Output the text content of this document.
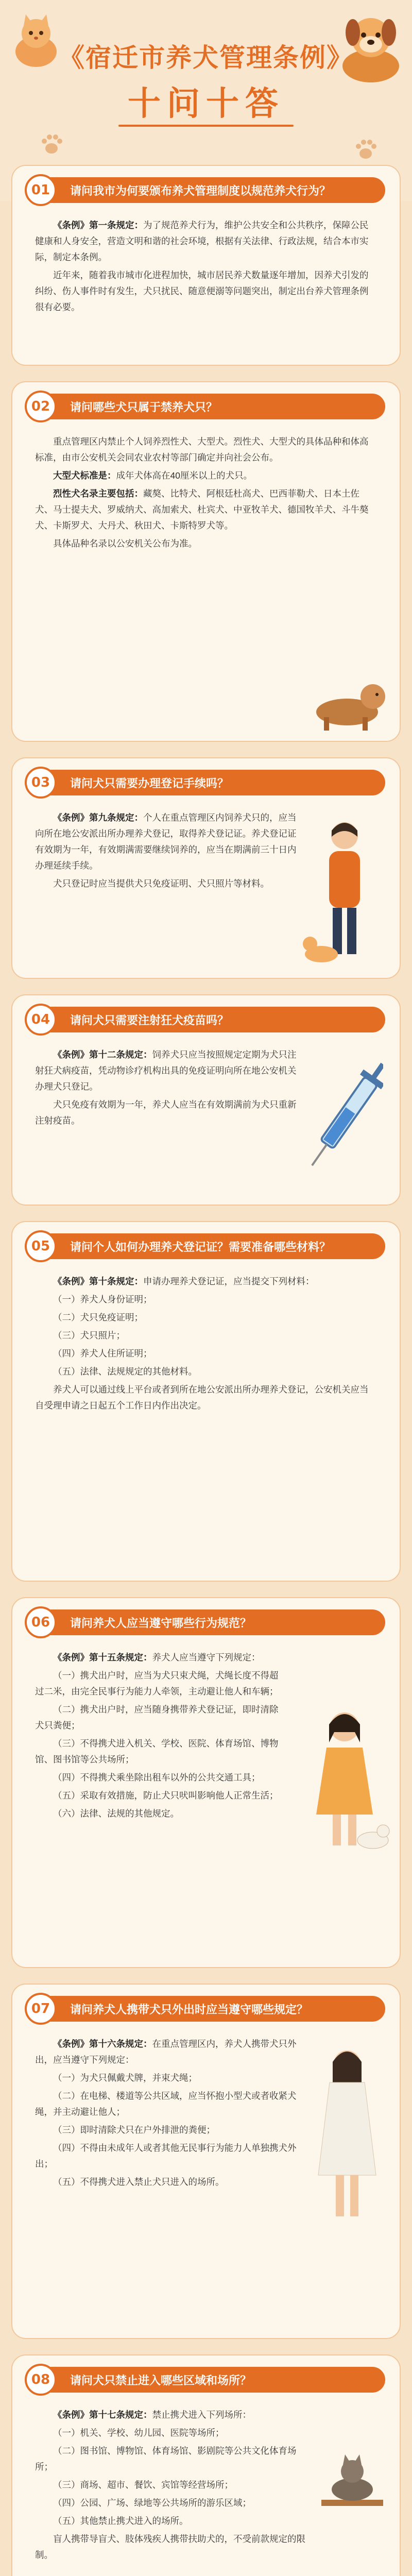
《宿迁市养犬管理条例》
十问十答
01	请问我市为何要颁布养犬管理制度以规范养犬行为？

《条例》第一条规定：为了规范养犬行为，维护公共安全和公共秩序，保障公民健康和人身安全，营造文明和谐的社会环境，根据有关法律、行政法规，结合本市实际，制定本条例。

近年来，随着我市城市化进程加快，城市居民养犬数量逐年增加，因养犬引发的纠纷、伤人事件时有发生，犬只扰民、随意便溺等问题突出，制定出台养犬管理条例很有必要。

02	请问哪些犬只属于禁养犬只？

重点管理区内禁止个人饲养烈性犬、大型犬。烈性犬、大型犬的具体品种和体高标准，由市公安机关会同农业农村等部门确定并向社会公布。

大型犬标准是：成年犬体高在40厘米以上的犬只。

烈性犬名录主要包括：藏獒、比特犬、阿根廷杜高犬、巴西菲勒犬、日本土佐犬、马士提夫犬、罗威纳犬、高加索犬、杜宾犬、中亚牧羊犬、德国牧羊犬、斗牛獒犬、卡斯罗犬、大丹犬、秋田犬、卡斯特罗犬等。

具体品种名录以公安机关公布为准。

03	请问犬只需要办理登记手续吗？

《条例》第九条规定：个人在重点管理区内饲养犬只的，应当向所在地公安派出所办理养犬登记，取得养犬登记证。养犬登记证有效期为一年，有效期满需要继续饲养的，应当在期满前三十日内办理延续手续。

犬只登记时应当提供犬只免疫证明、犬只照片等材料。

04	请问犬只需要注射狂犬疫苗吗？

《条例》第十二条规定：饲养犬只应当按照规定定期为犬只注射狂犬病疫苗，凭动物诊疗机构出具的免疫证明向所在地公安机关办理犬只登记。

犬只免疫有效期为一年，养犬人应当在有效期满前为犬只重新注射疫苗。

05	请问个人如何办理养犬登记证？需要准备哪些材料？

《条例》第十条规定：申请办理养犬登记证，应当提交下列材料：

（一）养犬人身份证明；

（二）犬只免疫证明；

（三）犬只照片；

（四）养犬人住所证明；

（五）法律、法规规定的其他材料。

养犬人可以通过线上平台或者到所在地公安派出所办理养犬登记，公安机关应当自受理申请之日起五个工作日内作出决定。

06	请问养犬人应当遵守哪些行为规范？

《条例》第十五条规定：养犬人应当遵守下列规定：

（一）携犬出户时，应当为犬只束犬绳，犬绳长度不得超过二米，由完全民事行为能力人牵领，主动避让他人和车辆；

（二）携犬出户时，应当随身携带养犬登记证，即时清除犬只粪便；

（三）不得携犬进入机关、学校、医院、体育场馆、博物馆、图书馆等公共场所；

（四）不得携犬乘坐除出租车以外的公共交通工具；

（五）采取有效措施，防止犬只吠叫影响他人正常生活；

（六）法律、法规的其他规定。

07	请问养犬人携带犬只外出时应当遵守哪些规定？

《条例》第十六条规定：在重点管理区内，养犬人携带犬只外出，应当遵守下列规定：

（一）为犬只佩戴犬牌，并束犬绳；

（二）在电梯、楼道等公共区域，应当怀抱小型犬或者收紧犬绳，并主动避让他人；

（三）即时清除犬只在户外排泄的粪便；

（四）不得由未成年人或者其他无民事行为能力人单独携犬外出；

（五）不得携犬进入禁止犬只进入的场所。

08	请问犬只禁止进入哪些区域和场所？

《条例》第十七条规定：禁止携犬进入下列场所：

（一）机关、学校、幼儿园、医院等场所；

（二）图书馆、博物馆、体育场馆、影剧院等公共文化体育场所；

（三）商场、超市、餐饮、宾馆等经营场所；

（四）公园、广场、绿地等公共场所的游乐区域；

（五）其他禁止携犬进入的场所。

盲人携带导盲犬、肢体残疾人携带扶助犬的，不受前款规定的限制。
